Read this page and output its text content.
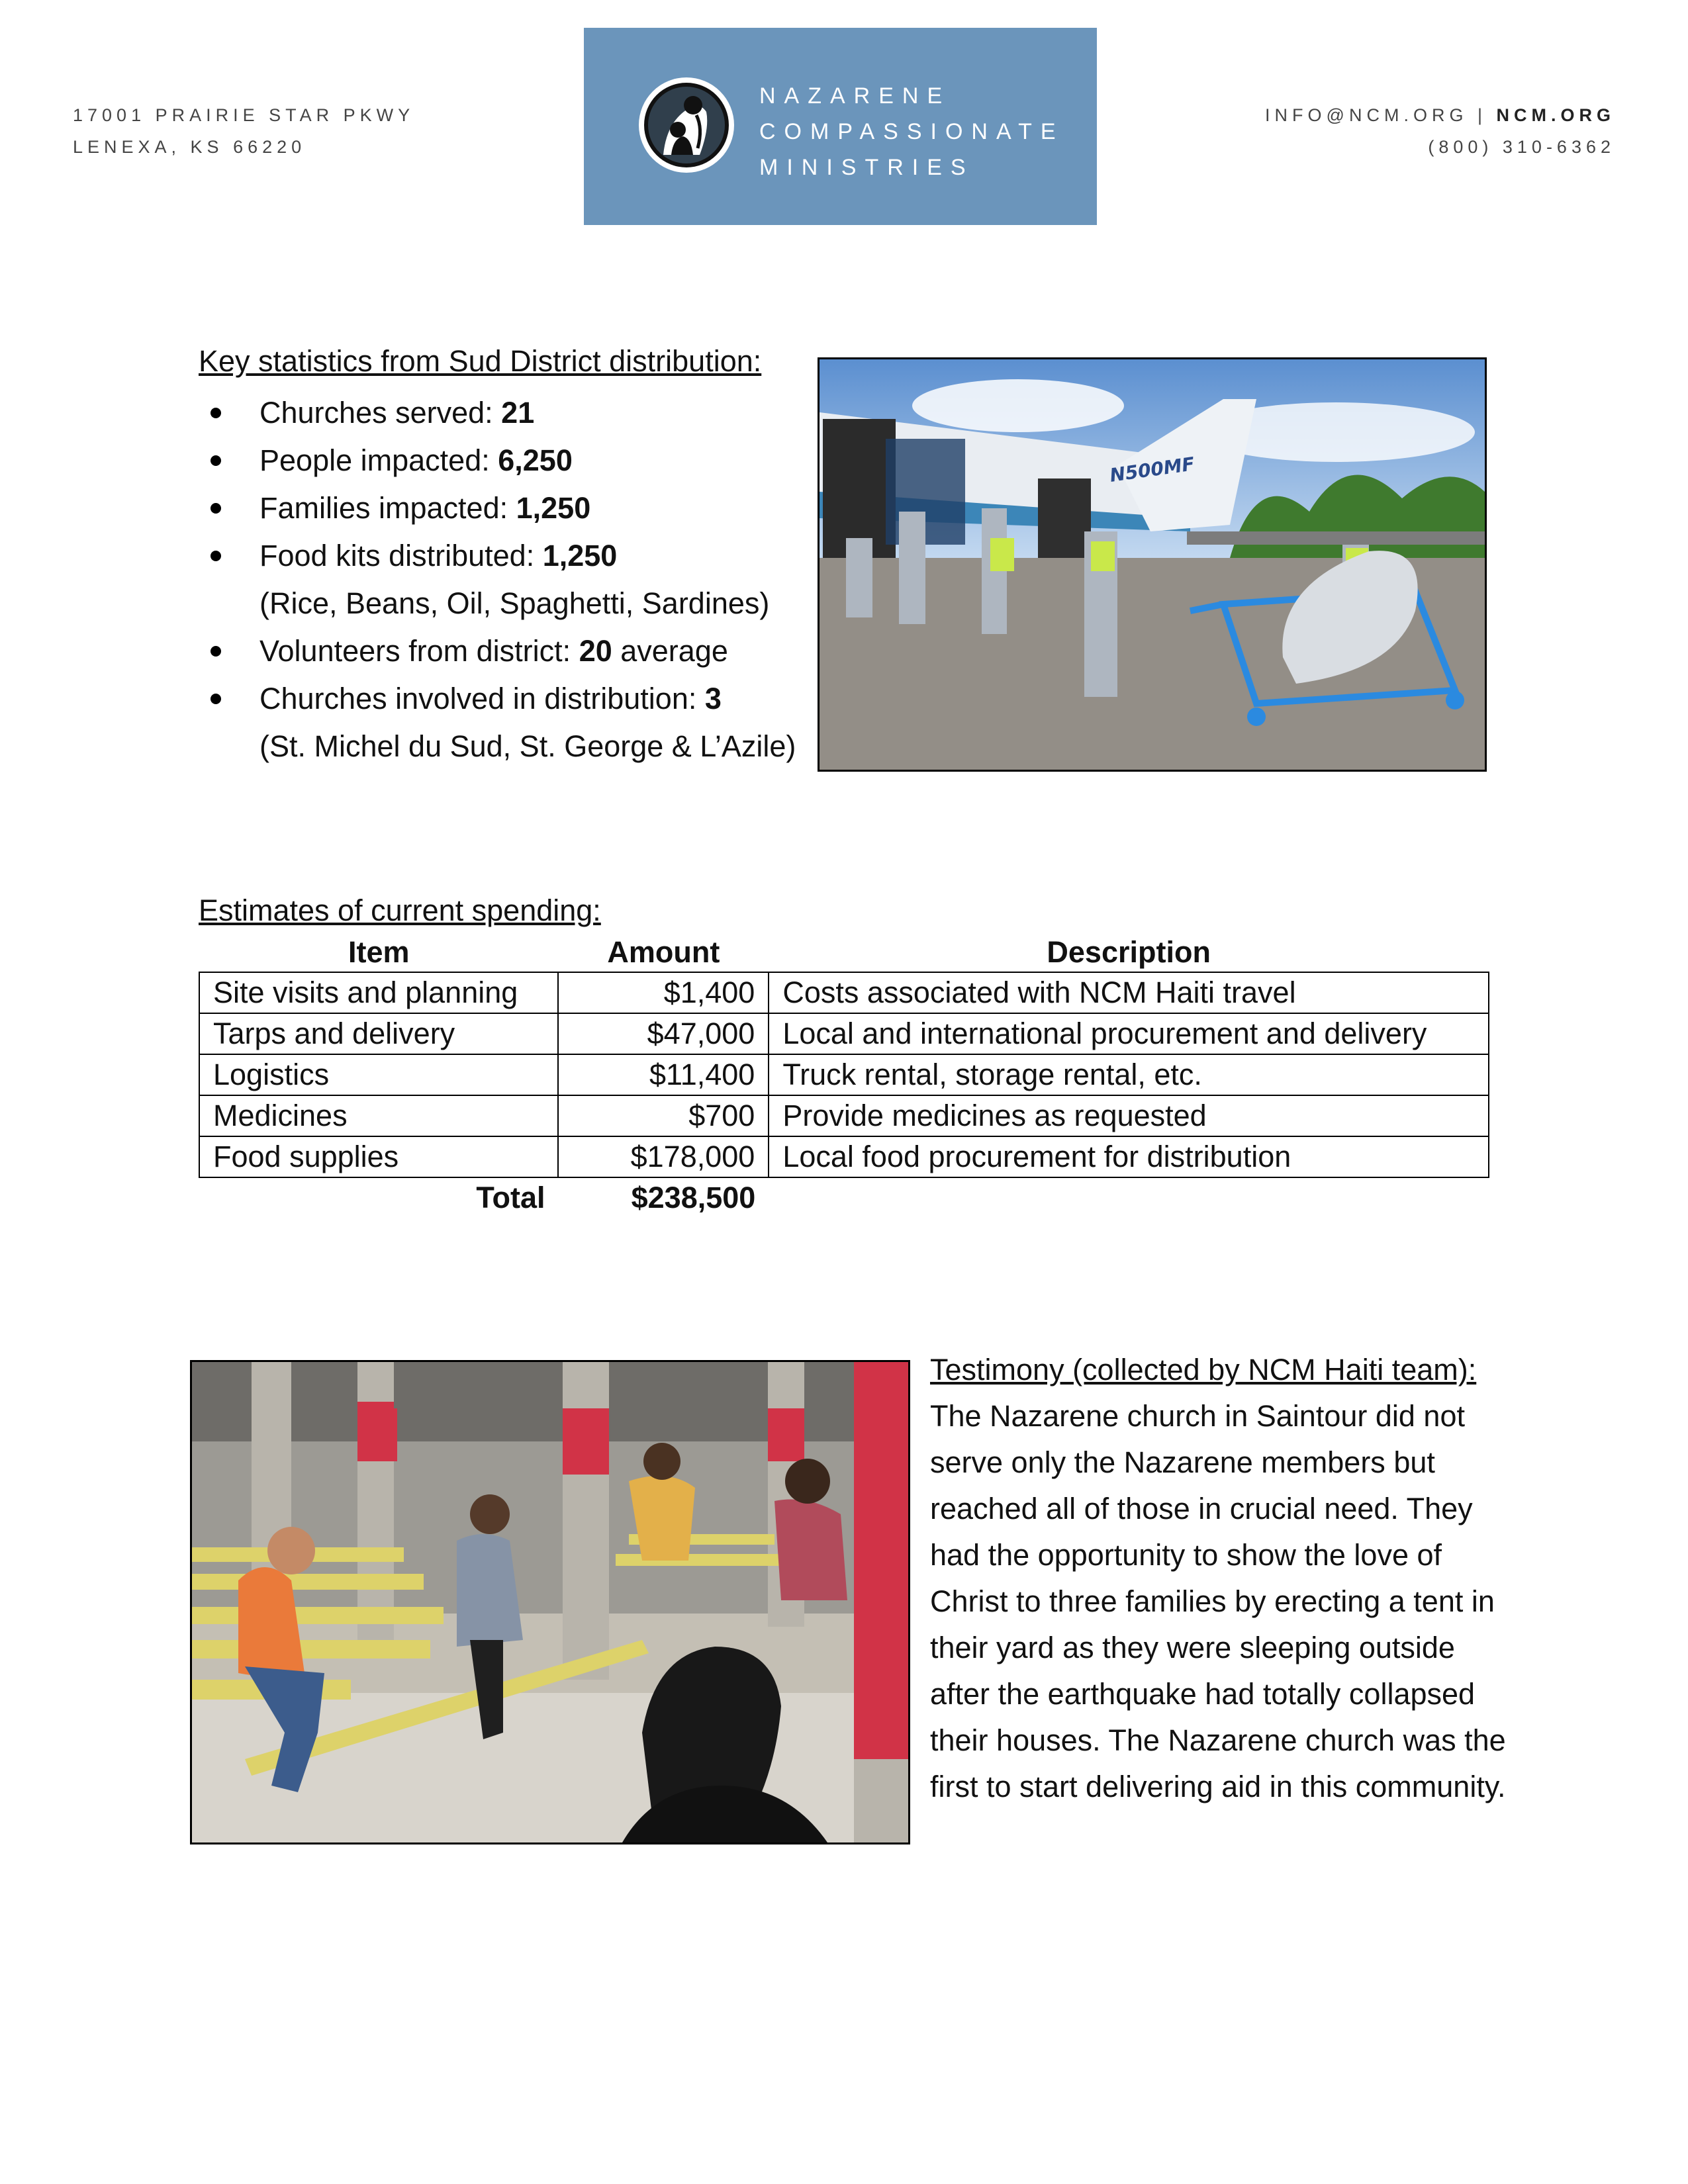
17001 PRAIRIE STAR PKWY
LENEXA, KS 66220
NAZARENE
COMPASSIONATE
MINISTRIES
INFO@NCM.ORG | NCM.ORG
(800) 310-6362
Key statistics from Sud District distribution:
Churches served: 21
People impacted: 6,250
Families impacted: 1,250
Food kits distributed: 1,250
(Rice, Beans, Oil, Spaghetti, Sardines)
Volunteers from district: 20 average
Churches involved in distribution: 3
(St. Michel du Sud, St. George & L’Azile)
N500MF
Estimates of current spending:
Item	Amount	Description
Site visits and planning	$1,400	Costs associated with NCM Haiti travel
Tarps and delivery	$47,000	Local and international procurement and delivery
Logistics	$11,400	Truck rental, storage rental, etc.
Medicines	$700	Provide medicines as requested
Food supplies	$178,000	Local food procurement for distribution
Total	$238,500	
Testimony (collected by NCM Haiti team):
The Nazarene church in Saintour did not serve only the Nazarene members but reached all of those in crucial need. They had the opportunity to show the love of Christ to three families by erecting a tent in their yard as they were sleeping outside after the earthquake had totally collapsed their houses. The Nazarene church was the first to start delivering aid in this community.
